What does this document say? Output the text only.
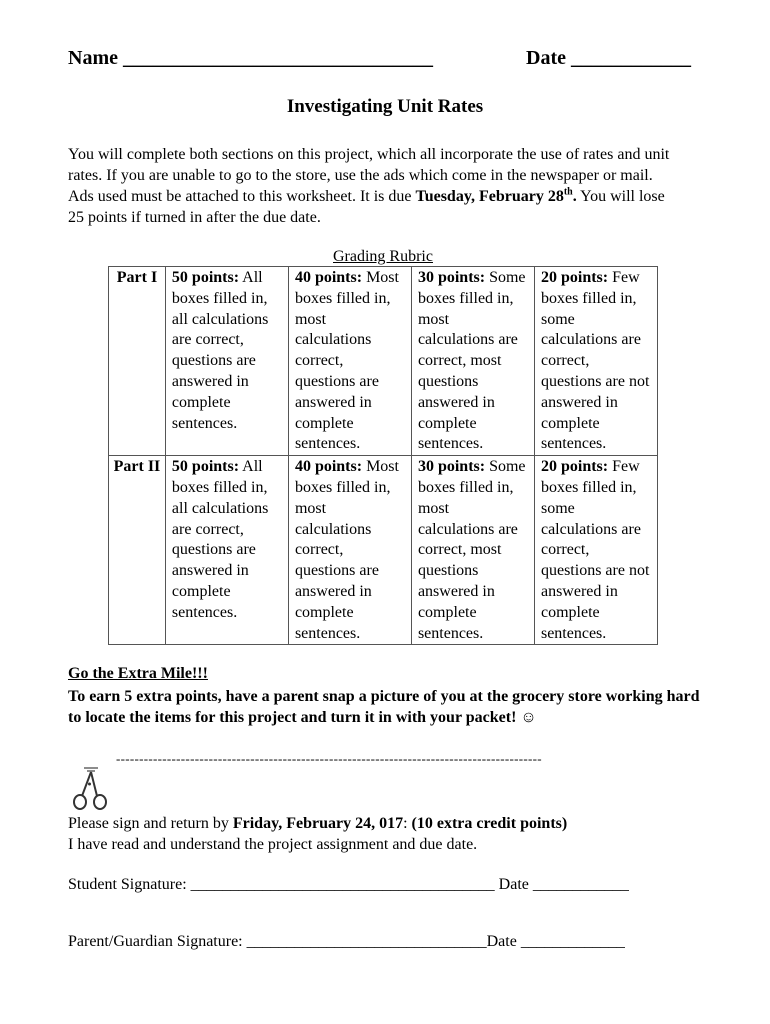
Name _______________________________	Date ____________
Investigating Unit Rates
You will complete both sections on this project, which all incorporate the use of rates and unit rates. If you are unable to go to the store, use the ads which come in the newspaper or mail. Ads used must be attached to this worksheet. It is due Tuesday, February 28th. You will lose 25 points if turned in after the due date.
Grading Rubric
Part I	50 points: All boxes filled in, all calculations are correct, questions are answered in complete sentences.	40 points: Most boxes filled in, most calculations correct, questions are answered in complete sentences.	30 points: Some boxes filled in, most calculations are correct, most questions answered in complete sentences.	20 points: Few boxes filled in, some calculations are correct, questions are not answered in complete sentences.
Part II	50 points: All boxes filled in, all calculations are correct, questions are answered in complete sentences.	40 points: Most boxes filled in, most calculations correct, questions are answered in complete sentences.	30 points: Some boxes filled in, most calculations are correct, most questions answered in complete sentences.	20 points: Few boxes filled in, some calculations are correct, questions are not answered in complete sentences.
Go the Extra Mile!!!
To earn 5 extra points, have a parent snap a picture of you at the grocery store working hard to locate the items for this project and turn it in with your packet! ☺
--------------------------------------------------------------------------------------------
Please sign and return by Friday, February 24, 017: (10 extra credit points)
I have read and understand the project assignment and due date.
Student Signature: ______________________________________ Date ____________
Parent/Guardian Signature: ______________________________Date _____________
